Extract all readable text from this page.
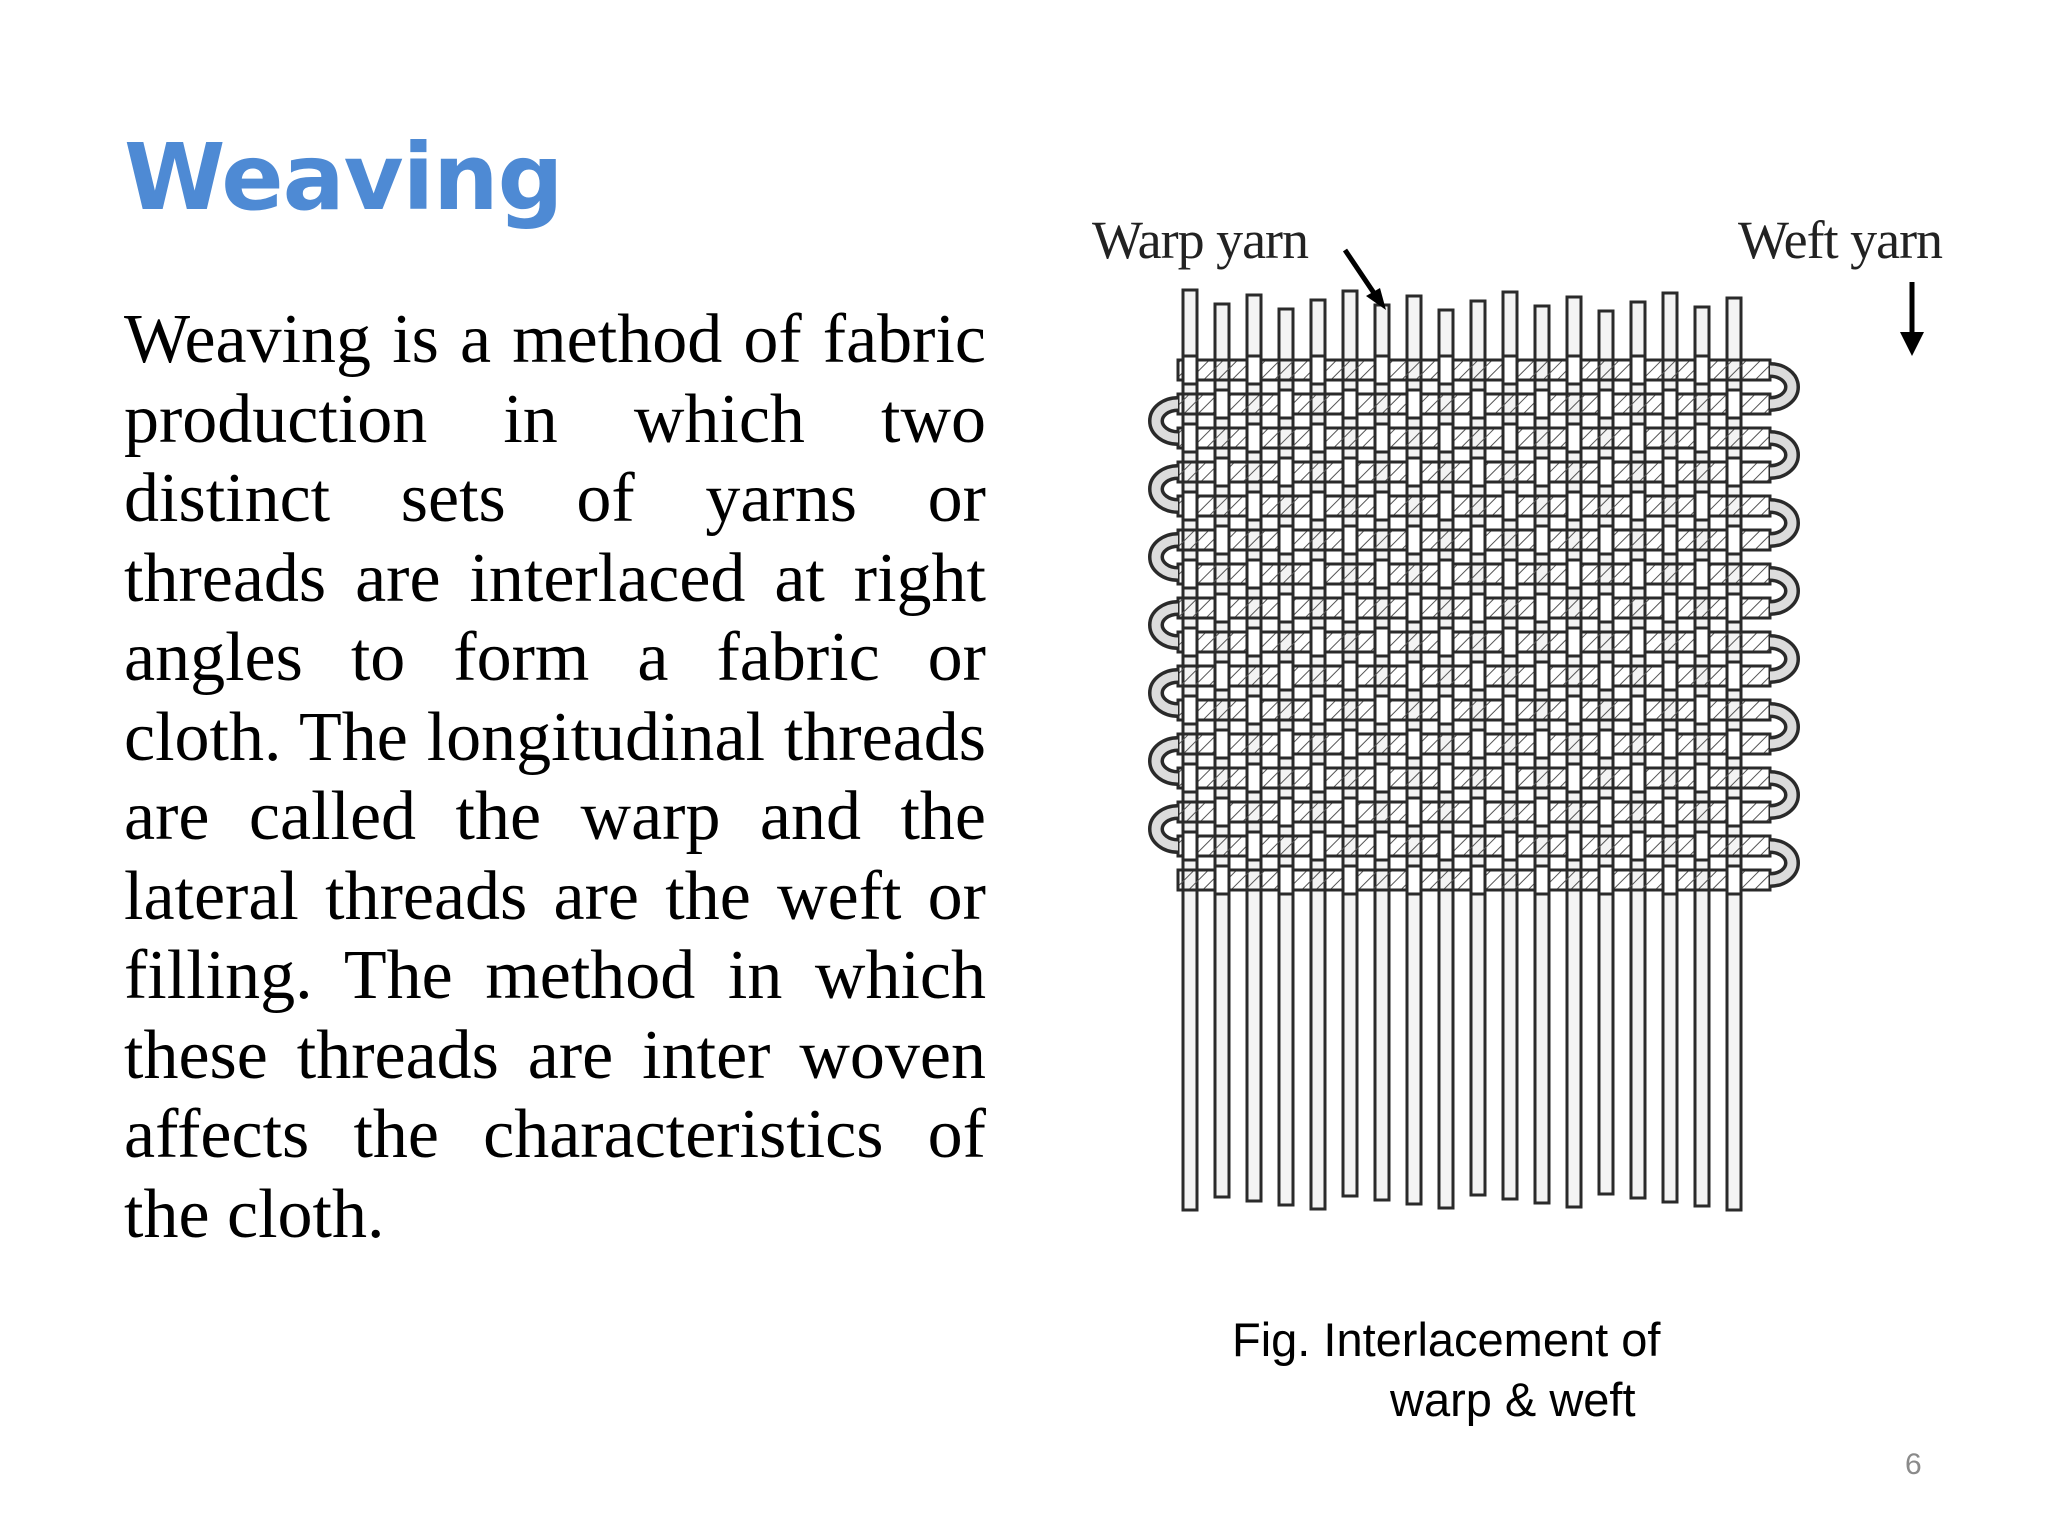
Weaving

Weaving is a method of fabric production in which two distinct sets of yarns or threads are interlaced at right angles to form a fabric or cloth. The longitudinal threads are called the warp and the lateral threads are the weft or filling. The method in which these threads are inter woven affects the characteristics of the cloth.

Warp yarn	Weft yarn
Fig. Interlacement of
warp & weft
6
